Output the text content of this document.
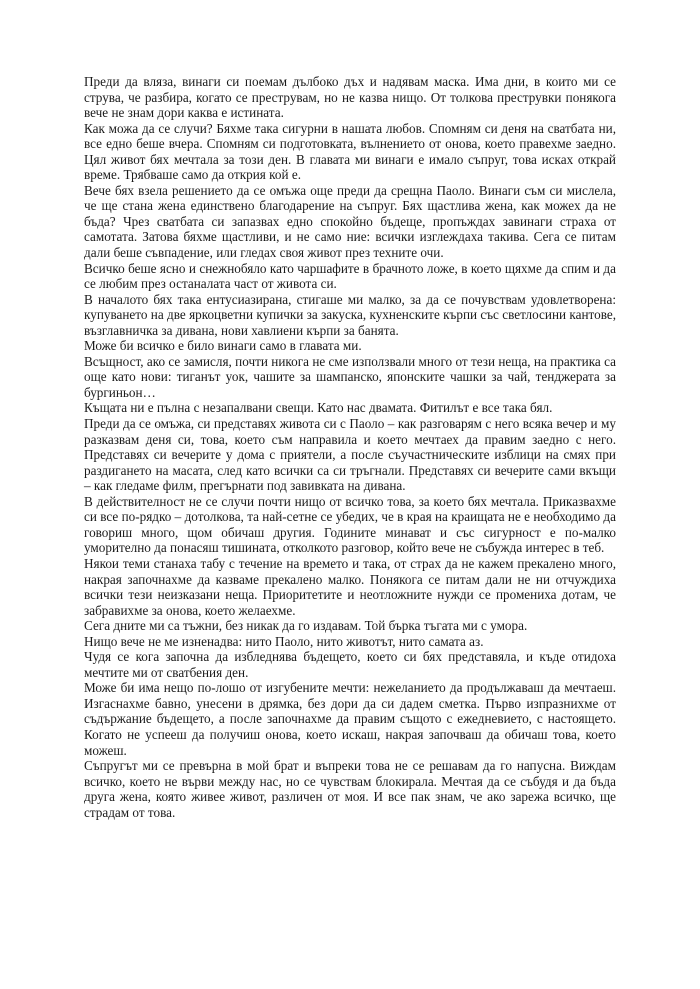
Преди да вляза, винаги си поемам дълбоко дъх и надявам маска. Има дни, в които ми се струва, че разбира, когато се преструвам, но не казва нищо. От толкова преструвки понякога вече не знам дори каква е истината.

Как можа да се случи? Бяхме така сигурни в нашата любов. Спомням си деня на сватбата ни, все едно беше вчера. Спомням си подготовката, вълнението от онова, което правехме заедно. Цял живот бях мечтала за този ден. В главата ми винаги е имало съпруг, това исках открай време. Трябваше само да открия кой е.

Вече бях взела решението да се омъжа още преди да срещна Паоло. Винаги съм си мислела, че ще стана жена единствено благодарение на съпруг. Бях щастлива жена, как можех да не бъда? Чрез сватбата си запазвах едно спокойно бъдеще, пропъждах завинаги страха от самотата. Затова бяхме щастливи, и не само ние: всички изглеждаха такива. Сега се питам дали беше съвпадение, или гледах своя живот през техните очи.

Всичко беше ясно и снежнобяло като чаршафите в брачното ложе, в което щяхме да спим и да се любим през останалата част от живота си.

В началото бях така ентусиазирана, стигаше ми малко, за да се почувствам удовлетворена: купуването на две яркоцветни купички за закуска, кухненските кърпи със светлосини кантове, възглавничка за дивана, нови хавлиени кърпи за банята.

Може би всичко е било винаги само в главата ми.

Всъщност, ако се замисля, почти никога не сме използвали много от тези неща, на практика са още като нови: тиганът уок, чашите за шампанско, японските чашки за чай, тенджерата за бургиньон…

Къщата ни е пълна с незапалвани свещи. Като нас двамата. Фитилът е все така бял.

Преди да се омъжа, си представях живота си с Паоло – как разговарям с него всяка вечер и му разказвам деня си, това, което съм направила и което мечтаех да правим заедно с него. Представях си вечерите у дома с приятели, а после съучастническите изблици на смях при раздигането на масата, след като всички са си тръгнали. Представях си вечерите сами вкъщи – как гледаме филм, прегърнати под завивката на дивана.

В действителност не се случи почти нищо от всичко това, за което бях мечтала. Приказвахме си все по-рядко – дотолкова, та най-сетне се убедих, че в края на краищата не е необходимо да говориш много, щом обичаш другия. Годините минават и със сигурност е по-малко уморително да понасяш тишината, отколкото разговор, който вече не събужда интерес в теб.

Някои теми станаха табу с течение на времето и така, от страх да не кажем прекалено много, накрая започнахме да казваме прекалено малко. Понякога се питам дали не ни отчуждиха всички тези неизказани неща. Приоритетите и неотложните нужди се промениха дотам, че забравихме за онова, което желаехме.

Сега дните ми са тъжни, без никак да го издавам. Той бърка тъгата ми с умора.

Нищо вече не ме изненадва: нито Паоло, нито животът, нито самата аз.

Чудя се кога започна да избледнява бъдещето, което си бях представяла, и къде отидоха мечтите ми от сватбения ден.

Може би има нещо по-лошо от изгубените мечти: нежеланието да продължаваш да мечтаеш. Изгаснахме бавно, унесени в дрямка, без дори да си дадем сметка. Първо изпразнихме от съдържание бъдещето, а после започнахме да правим същото с ежедневието, с настоящето. Когато не успееш да получиш онова, което искаш, накрая започваш да обичаш това, което можеш.

Съпругът ми се превърна в мой брат и въпреки това не се решавам да го напусна. Виждам всичко, което не върви между нас, но се чувствам блокирала. Мечтая да се събудя и да бъда друга жена, която живее живот, различен от моя. И все пак знам, че ако зарежа всичко, ще страдам от това.
